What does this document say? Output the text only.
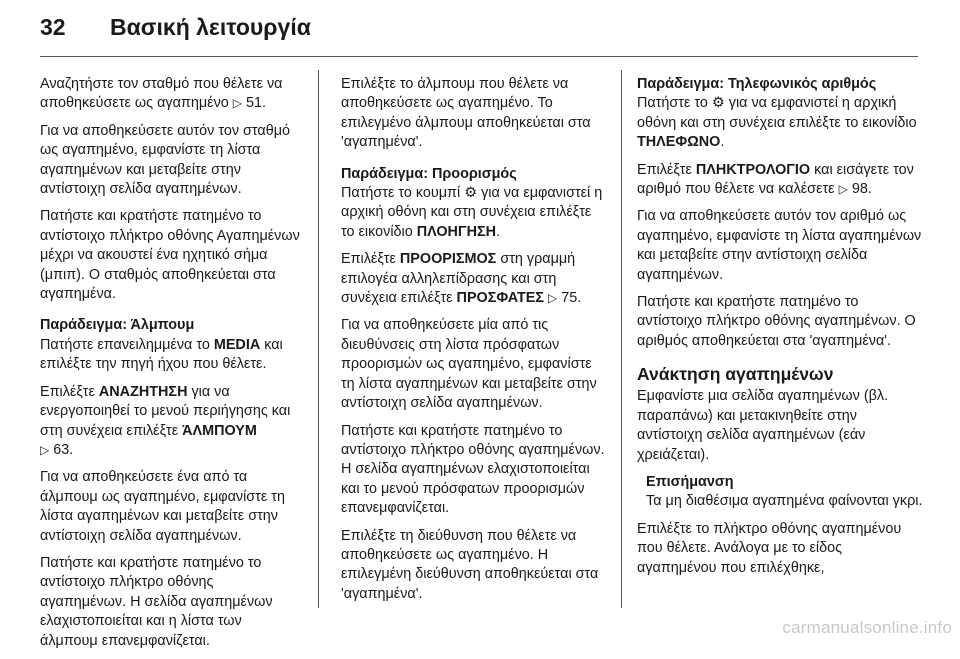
32	Βασική λειτουργία

Αναζητήστε τον σταθμό που θέλετε να αποθηκεύσετε ως αγαπημένο ▷ 51.

Για να αποθηκεύσετε αυτόν τον σταθμό ως αγαπημένο, εμφανίστε τη λίστα αγαπημένων και μεταβείτε στην αντίστοιχη σελίδα αγαπημένων.

Πατήστε και κρατήστε πατημένο το αντίστοιχο πλήκτρο οθόνης Αγαπημένων μέχρι να ακουστεί ένα ηχητικό σήμα (μπιπ). Ο σταθμός αποθηκεύεται στα αγαπημένα.

Παράδειγμα: Άλμπουμ
Πατήστε επανειλημμένα το MEDIA και επιλέξτε την πηγή ήχου που θέλετε.

Επιλέξτε ΑΝΑΖΗΤΗΣΗ για να ενεργοποιηθεί το μενού περιήγησης και στη συνέχεια επιλέξτε ΆΛΜΠΟΥΜ
▷ 63.

Για να αποθηκεύσετε ένα από τα άλμπουμ ως αγαπημένο, εμφανίστε τη λίστα αγαπημένων και μεταβείτε στην αντίστοιχη σελίδα αγαπημένων.

Πατήστε και κρατήστε πατημένο το αντίστοιχο πλήκτρο οθόνης αγαπημένων. Η σελίδα αγαπημένων ελαχιστοποιείται και η λίστα των άλμπουμ επανεμφανίζεται.

Επιλέξτε το άλμπουμ που θέλετε να αποθηκεύσετε ως αγαπημένο. Το επιλεγμένο άλμπουμ αποθηκεύεται στα 'αγαπημένα'.

Παράδειγμα: Προορισμός
Πατήστε το κουμπί ⚙ για να εμφανιστεί η αρχική οθόνη και στη συνέχεια επιλέξτε το εικονίδιο ΠΛΟΗΓΗΣΗ.

Επιλέξτε ΠΡΟΟΡΙΣΜΟΣ στη γραμμή επιλογέα αλληλεπίδρασης και στη συνέχεια επιλέξτε ΠΡΟΣΦΑΤΕΣ ▷ 75.

Για να αποθηκεύσετε μία από τις διευθύνσεις στη λίστα πρόσφατων προορισμών ως αγαπημένο, εμφανίστε τη λίστα αγαπημένων και μεταβείτε στην αντίστοιχη σελίδα αγαπημένων.

Πατήστε και κρατήστε πατημένο το αντίστοιχο πλήκτρο οθόνης αγαπημένων. Η σελίδα αγαπημένων ελαχιστοποιείται και το μενού πρόσφατων προορισμών επανεμφανίζεται.

Επιλέξτε τη διεύθυνση που θέλετε να αποθηκεύσετε ως αγαπημένο. Η επιλεγμένη διεύθυνση αποθηκεύεται στα 'αγαπημένα'.

Παράδειγμα: Τηλεφωνικός αριθμός
Πατήστε το ⚙ για να εμφανιστεί η αρχική οθόνη και στη συνέχεια επιλέξτε το εικονίδιο ΤΗΛΕΦΩΝΟ.

Επιλέξτε ΠΛΗΚΤΡΟΛΟΓΙΟ και εισάγετε τον αριθμό που θέλετε να καλέσετε ▷ 98.

Για να αποθηκεύσετε αυτόν τον αριθμό ως αγαπημένο, εμφανίστε τη λίστα αγαπημένων και μεταβείτε στην αντίστοιχη σελίδα αγαπημένων.

Πατήστε και κρατήστε πατημένο το αντίστοιχο πλήκτρο οθόνης αγαπημένων. Ο αριθμός αποθηκεύεται στα 'αγαπημένα'.

Ανάκτηση αγαπημένων

Εμφανίστε μια σελίδα αγαπημένων (βλ. παραπάνω) και μετακινηθείτε στην αντίστοιχη σελίδα αγαπημένων (εάν χρειάζεται).

Επισήμανση
Τα μη διαθέσιμα αγαπημένα φαίνονται γκρι.

Επιλέξτε το πλήκτρο οθόνης αγαπημένου που θέλετε. Ανάλογα με το είδος αγαπημένου που επιλέχθηκε,

carmanualsonline.info
